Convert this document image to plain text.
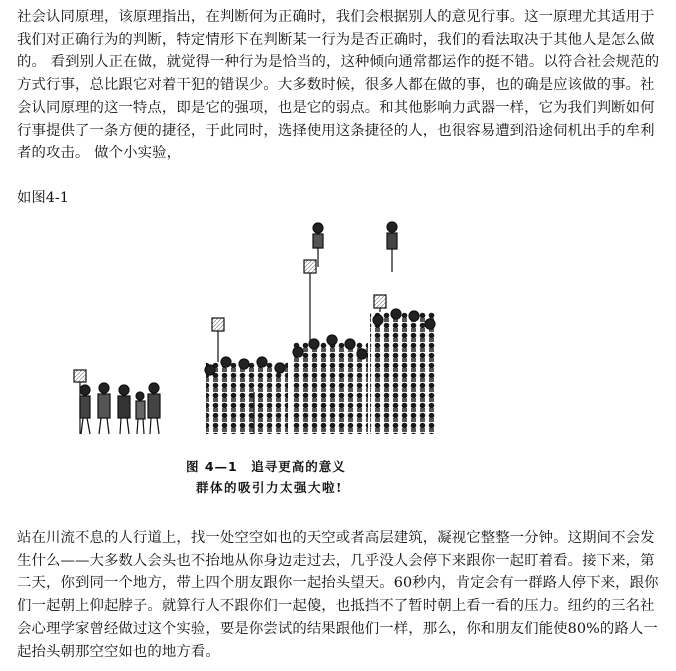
社会认同原理，该原理指出，在判断何为正确时，我们会根据别人的意见行事。这一原理尤其适用于我们对正确行为的判断，特定情形下在判断某一行为是否正确时，我们的看法取决于其他人是怎么做的。 看到别人正在做，就觉得一种行为是恰当的，这种倾向通常都运作的挺不错。以符合社会规范的方式行事，总比跟它对着干犯的错误少。大多数时候，很多人都在做的事，也的确是应该做的事。社会认同原理的这一特点，即是它的强项，也是它的弱点。和其他影响力武器一样，它为我们判断如何行事提供了一条方便的捷径，于此同时，选择使用这条捷径的人，也很容易遭到沿途伺机出手的牟利者的攻击。 做个小实验，

如图4-1

图 4—1　追寻更高的意义
群体的吸引力太强大啦!

站在川流不息的人行道上，找一处空空如也的天空或者高层建筑，凝视它整整一分钟。这期间不会发生什么——大多数人会头也不抬地从你身边走过去，几乎没人会停下来跟你一起盯着看。接下来，第二天，你到同一个地方，带上四个朋友跟你一起抬头望天。60秒内，肯定会有一群路人停下来，跟你们一起朝上仰起脖子。就算行人不跟你们一起傻，也抵挡不了暂时朝上看一看的压力。纽约的三名社会心理学家曾经做过这个实验，要是你尝试的结果跟他们一样，那么，你和朋友们能使80%的路人一起抬头朝那空空如也的地方看。
